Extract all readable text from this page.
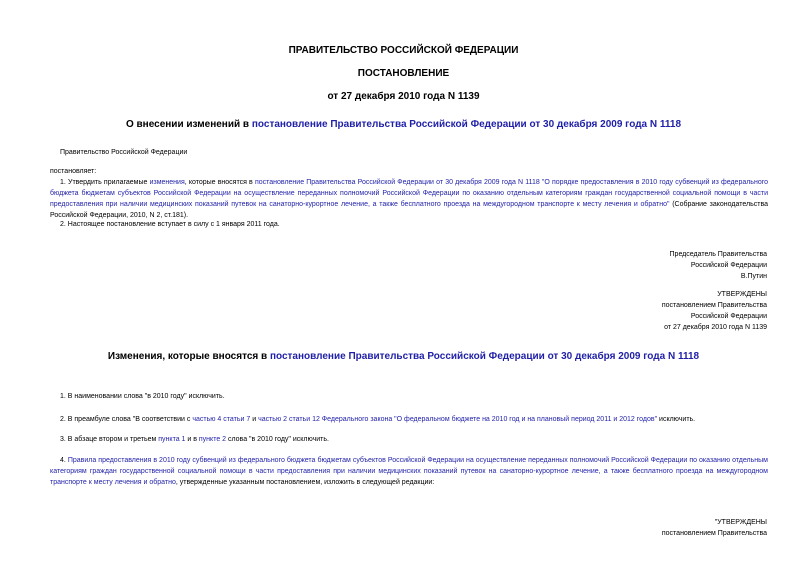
ПРАВИТЕЛЬСТВО РОССИЙСКОЙ ФЕДЕРАЦИИ
ПОСТАНОВЛЕНИЕ
от 27 декабря 2010 года N 1139
О внесении изменений в постановление Правительства Российской Федерации от 30 декабря 2009 года N 1118
Правительство Российской Федерации
постановляет:
1. Утвердить прилагаемые изменения, которые вносятся в постановление Правительства Российской Федерации от 30 декабря 2009 года N 1118 "О порядке предоставления в 2010 году субвенций из федерального бюджета бюджетам субъектов Российской Федерации на осуществление переданных полномочий Российской Федерации по оказанию отдельным категориям граждан государственной социальной помощи в части предоставления при наличии медицинских показаний путевок на санаторно-курортное лечение, а также бесплатного проезда на междугородном транспорте к месту лечения и обратно" (Собрание законодательства Российской Федерации, 2010, N 2, ст.181).
2. Настоящее постановление вступает в силу с 1 января 2011 года.
Председатель Правительства
Российской Федерации
В.Путин
УТВЕРЖДЕНЫ
постановлением Правительства
Российской Федерации
от 27 декабря 2010 года N 1139
Изменения, которые вносятся в постановление Правительства Российской Федерации от 30 декабря 2009 года N 1118
1. В наименовании слова "в 2010 году" исключить.
2. В преамбуле слова "В соответствии с частью 4 статьи 7 и частью 2 статьи 12 Федерального закона "О федеральном бюджете на 2010 год и на плановый период 2011 и 2012 годов" исключить.
3. В абзаце втором и третьем пункта 1 и в пункте 2 слова "в 2010 году" исключить.
4. Правила предоставления в 2010 году субвенций из федерального бюджета бюджетам субъектов Российской Федерации на осуществление переданных полномочий Российской Федерации по оказанию отдельным категориям граждан государственной социальной помощи в части предоставления при наличии медицинских показаний путевок на санаторно-курортное лечение, а также бесплатного проезда на междугородном транспорте к месту лечения и обратно, утвержденные указанным постановлением, изложить в следующей редакции:
"УТВЕРЖДЕНЫ
постановлением Правительства
